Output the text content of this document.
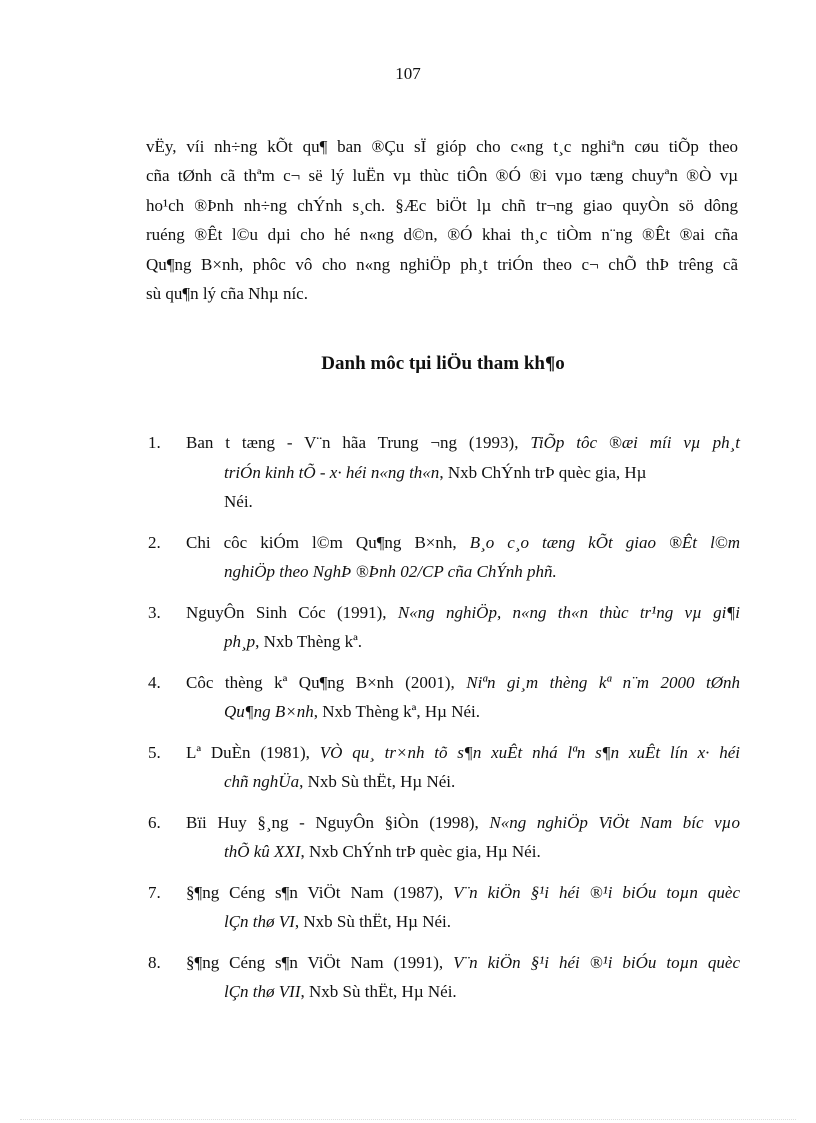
107
vËy, víi nh÷ng kÕt qu¶ ban ®Çu sÏ gióp cho c«ng t¸c nghiªn cøu tiÕp theo
cña tØnh cã thªm c¬ së lý luËn vµ thùc tiÔn ®Ó ®i vµo tæng chuyªn ®Ò vµ
ho¹ch ®Þnh nh÷ng chÝnh s¸ch. §Æc biÖt lµ chñ tr¬ng giao quyÒn sö dông
ruéng ®Êt l©u dµi cho hé n«ng d©n, ®Ó khai th¸c tiÒm n¨ng ®Êt ®ai cña
Qu¶ng B×nh, phôc vô cho n«ng nghiÖp ph¸t triÓn theo c¬ chÕ thÞ trêng cã
sù qu¶n lý cña Nhµ níc.
Danh môc tµi liÖu tham kh¶o
1. Ban t tæng - V¨n hãa Trung ¬ng (1993), TiÕp tôc ®æi míi vµ ph¸t
triÓn kinh tÕ - x· héi n«ng th«n, Nxb ChÝnh trÞ quèc gia, Hµ
Néi.
2. Chi côc kiÓm l©m Qu¶ng B×nh, B¸o c¸o tæng kÕt giao ®Êt l©m
nghiÖp theo NghÞ ®Þnh 02/CP cña ChÝnh phñ.
3. NguyÔn Sinh Cóc (1991), N«ng nghiÖp, n«ng th«n thùc tr¹ng vµ gi¶i
ph¸p, Nxb Thèng kª.
4. Côc thèng kª Qu¶ng B×nh (2001), Niªn gi¸m thèng kª n¨m 2000 tØnh
Qu¶ng B×nh, Nxb Thèng kª, Hµ Néi.
5. Lª DuÈn (1981), VÒ qu¸ tr×nh tõ s¶n xuÊt nhá lªn s¶n xuÊt lín x· héi
chñ nghÜa, Nxb Sù thËt, Hµ Néi.
6. Bïi Huy §¸ng - NguyÔn §iÒn (1998), N«ng nghiÖp ViÖt Nam bíc vµo
thÕ kû XXI, Nxb ChÝnh trÞ quèc gia, Hµ Néi.
7. §¶ng Céng s¶n ViÖt Nam (1987), V¨n kiÖn §¹i héi ®¹i biÓu toµn quèc
lÇn thø VI, Nxb Sù thËt, Hµ Néi.
8. §¶ng Céng s¶n ViÖt Nam (1991), V¨n kiÖn §¹i héi ®¹i biÓu toµn quèc
lÇn thø VII, Nxb Sù thËt, Hµ Néi.
